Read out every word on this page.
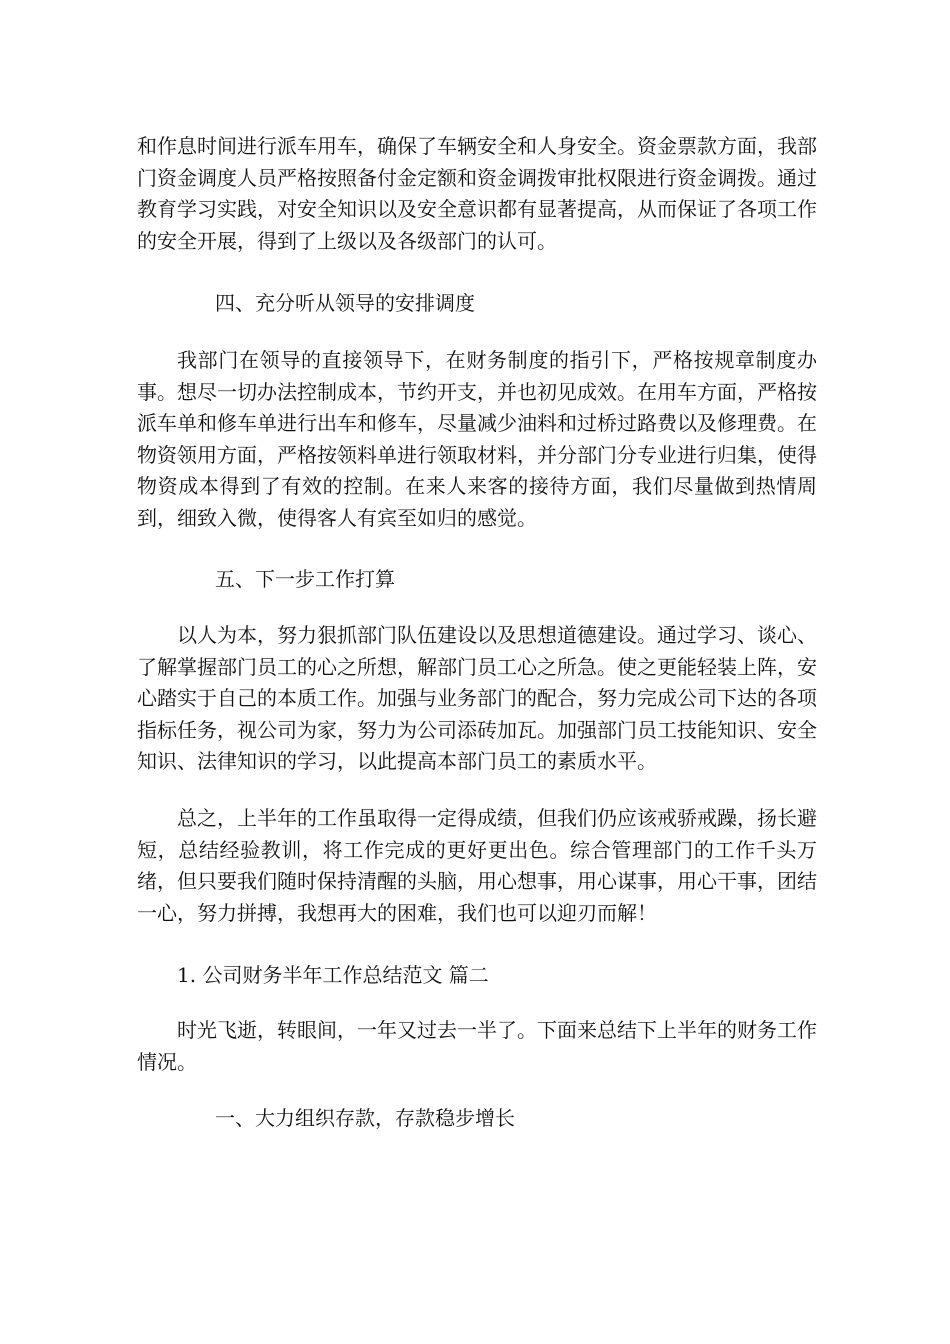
和作息时间进行派车用车，确保了车辆安全和人身安全。资金票款方面，我部门资金调度人员严格按照备付金定额和资金调拨审批权限进行资金调拨。通过教育学习实践，对安全知识以及安全意识都有显著提高，从而保证了各项工作的安全开展，得到了上级以及各级部门的认可。

四、充分听从领导的安排调度

我部门在领导的直接领导下，在财务制度的指引下，严格按规章制度办事。想尽一切办法控制成本，节约开支，并也初见成效。在用车方面，严格按派车单和修车单进行出车和修车，尽量减少油料和过桥过路费以及修理费。在物资领用方面，严格按领料单进行领取材料，并分部门分专业进行归集，使得物资成本得到了有效的控制。在来人来客的接待方面，我们尽量做到热情周到，细致入微，使得客人有宾至如归的感觉。

五、下一步工作打算

以人为本，努力狠抓部门队伍建设以及思想道德建设。通过学习、谈心、了解掌握部门员工的心之所想，解部门员工心之所急。使之更能轻装上阵，安心踏实于自己的本质工作。加强与业务部门的配合，努力完成公司下达的各项指标任务，视公司为家，努力为公司添砖加瓦。加强部门员工技能知识、安全知识、法律知识的学习，以此提高本部门员工的素质水平。

总之，上半年的工作虽取得一定得成绩，但我们仍应该戒骄戒躁，扬长避短，总结经验教训，将工作完成的更好更出色。综合管理部门的工作千头万绪，但只要我们随时保持清醒的头脑，用心想事，用心谋事，用心干事，团结一心，努力拼搏，我想再大的困难，我们也可以迎刃而解！

1. 公司财务半年工作总结范文 篇二

时光飞逝，转眼间，一年又过去一半了。下面来总结下上半年的财务工作情况。

一、大力组织存款，存款稳步增长
